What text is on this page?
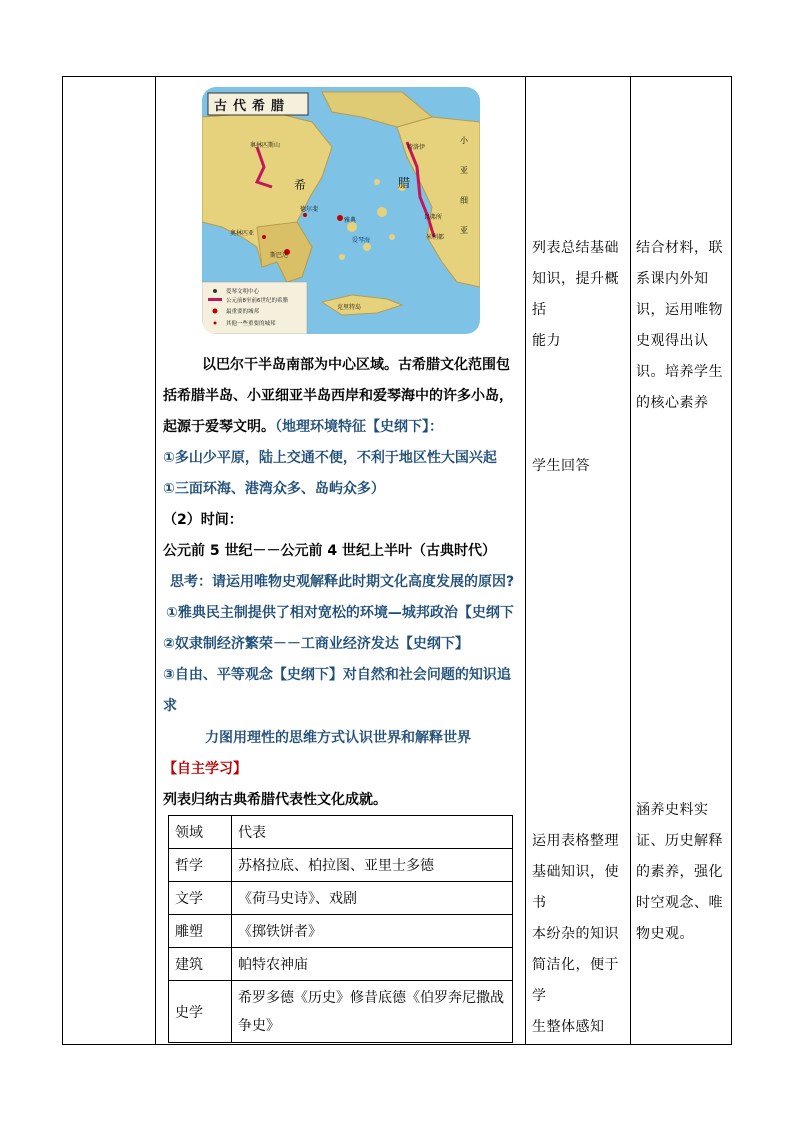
古代希腊
奥林匹斯山	特洛伊
希	腊
德尔斐
雅典
斯巴达
奥林匹亚
小
亚
细
亚
以弗所
米利都
爱琴海
克里特岛
爱琴文明中心
公元前8至前6世纪的希腊
最重要的城邦
其他一些重要的城邦
以巴尔干半岛南部为中心区域。古希腊文化范围包
括希腊半岛、小亚细亚半岛西岸和爱琴海中的许多小岛，
起源于爱琴文明。（地理环境特征【史纲下】：
①多山少平原，陆上交通不便，不利于地区性大国兴起
①三面环海、港湾众多、岛屿众多）
（2）时间：
公元前 5 世纪－－公元前 4 世纪上半叶（古典时代）
思考：请运用唯物史观解释此时期文化高度发展的原因?
①雅典民主制提供了相对宽松的环境—城邦政治【史纲下
②奴隶制经济繁荣－－工商业经济发达【史纲下】
③自由、平等观念【史纲下】对自然和社会问题的知识追
求
力图用理性的思维方式认识世界和解释世界
【自主学习】
列表归纳古典希腊代表性文化成就。
领域	代表
哲学	苏格拉底、柏拉图、亚里士多德
文学	《荷马史诗》、戏剧
雕塑	《掷铁饼者》
建筑	帕特农神庙
史学	希罗多德《历史》修昔底德《伯罗奔尼撒战争史》
列表总结基础
知识，提升概括
能力
学生回答
运用表格整理
基础知识，使书
本纷杂的知识
简洁化，便于学
生整体感知
结合材料，联
系课内外知
识，运用唯物
史观得出认
识。培养学生
的核心素养
涵养史料实
证、历史解释
的素养，强化
时空观念、唯
物史观。
